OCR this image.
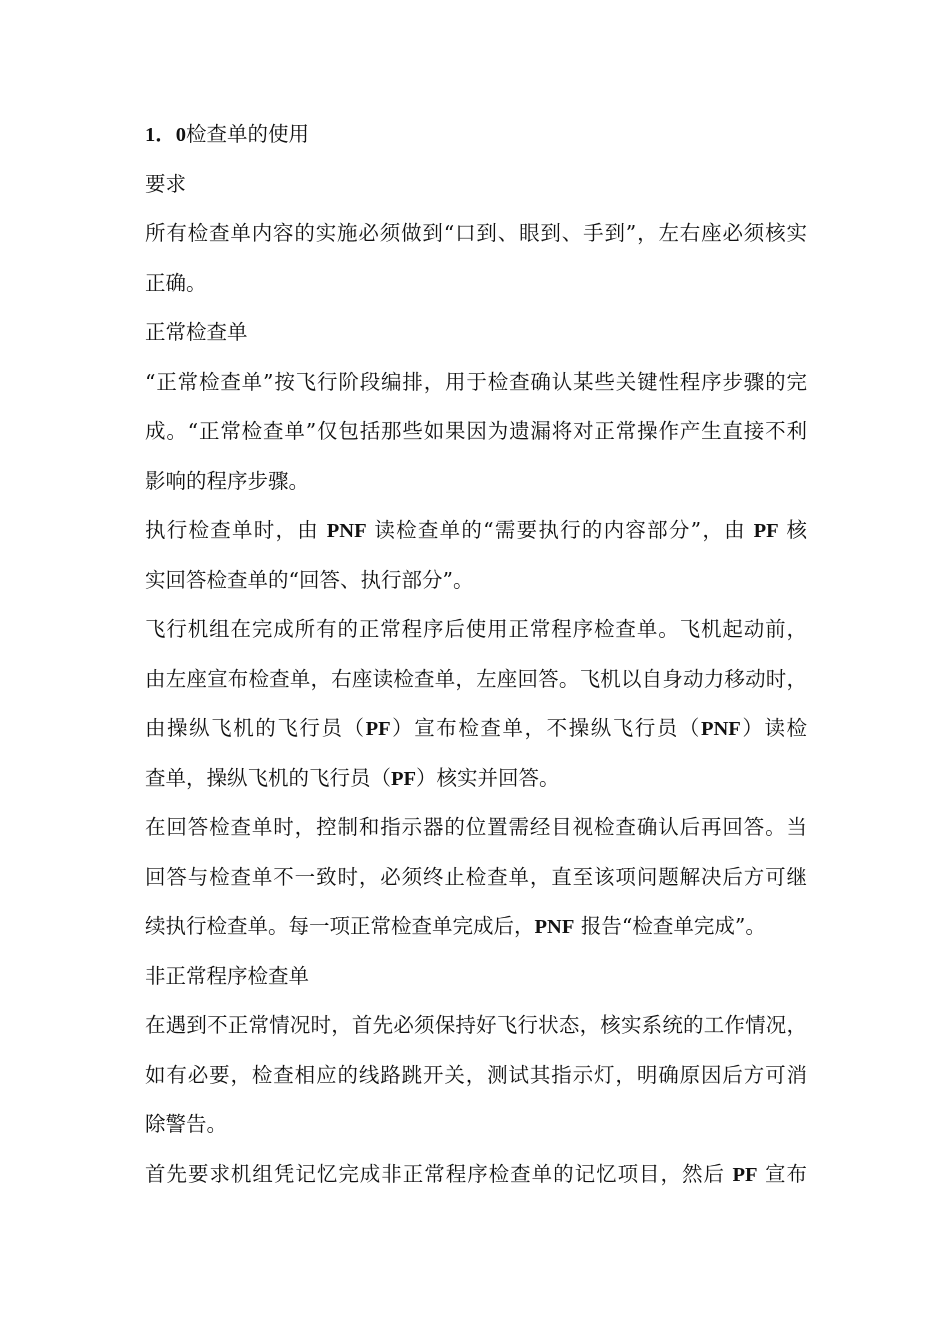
1．0检查单的使用
要求
所有检查单内容的实施必须做到“口到、眼到、手到”，左右座必须核实
正确。
正常检查单
“正常检查单”按飞行阶段编排，用于检查确认某些关键性程序步骤的完
成。“正常检查单”仅包括那些如果因为遗漏将对正常操作产生直接不利
影响的程序步骤。
执行检查单时，由 PNF 读检查单的“需要执行的内容部分”，由 PF 核
实回答检查单的“回答、执行部分”。
飞行机组在完成所有的正常程序后使用正常程序检查单。飞机起动前，
由左座宣布检查单，右座读检查单，左座回答。飞机以自身动力移动时，
由操纵飞机的飞行员（PF）宣布检查单，不操纵飞行员（PNF）读检
查单，操纵飞机的飞行员（PF）核实并回答。
在回答检查单时，控制和指示器的位置需经目视检查确认后再回答。当
回答与检查单不一致时，必须终止检查单，直至该项问题解决后方可继
续执行检查单。每一项正常检查单完成后，PNF 报告“检查单完成”。
非正常程序检查单
在遇到不正常情况时，首先必须保持好飞行状态，核实系统的工作情况，
如有必要，检查相应的线路跳开关，测试其指示灯，明确原因后方可消
除警告。
首先要求机组凭记忆完成非正常程序检查单的记忆项目，然后 PF 宣布
